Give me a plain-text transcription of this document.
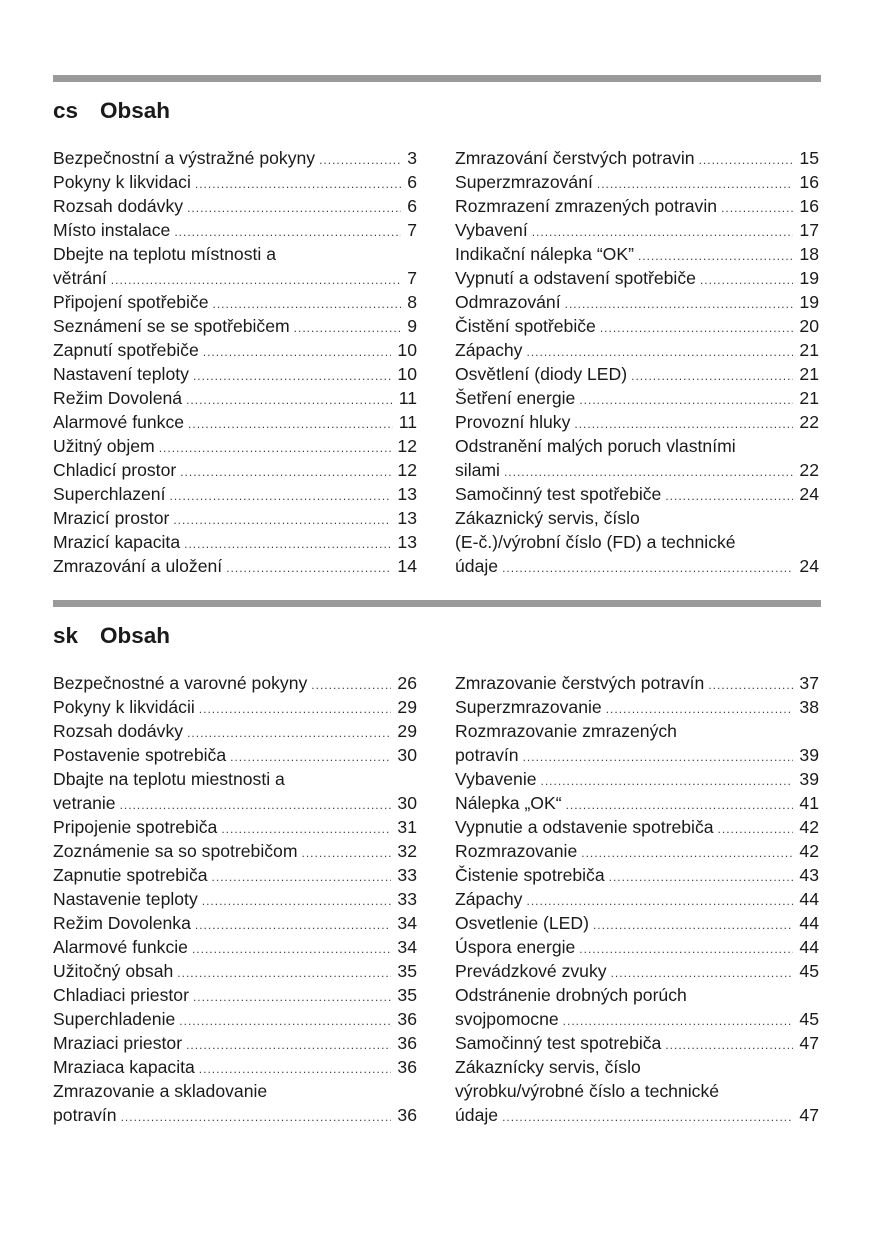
cs Obsah
Bezpečnostní a výstražné pokyny .....	3
Pokyny k likvidaci .....	6
Rozsah dodávky .....	6
Místo instalace .....	7
Dbejte na teplotu místnosti a
větrání .....	7
Připojení spotřebiče .....	8
Seznámení se se spotřebičem .....	9
Zapnutí spotřebiče .....	10
Nastavení teploty .....	10
Režim Dovolená .....	11
Alarmové funkce .....	11
Užitný objem .....	12
Chladicí prostor .....	12
Superchlazení .....	13
Mrazicí prostor .....	13
Mrazicí kapacita .....	13
Zmrazování a uložení .....	14
Zmrazování čerstvých potravin .....	15
Superzmrazování .....	16
Rozmrazení zmrazených potravin .....	16
Vybavení .....	17
Indikační nálepka “OK” .....	18
Vypnutí a odstavení spotřebiče .....	19
Odmrazování .....	19
Čistění spotřebiče .....	20
Zápachy .....	21
Osvětlení (diody LED) .....	21
Šetření energie .....	21
Provozní hluky .....	22
Odstranění malých poruch vlastními
silami .....	22
Samočinný test spotřebiče .....	24
Zákaznický servis, číslo
(E-č.)/výrobní číslo (FD) a technické
údaje .....	24
sk Obsah
Bezpečnostné a varovné pokyny .....	26
Pokyny k likvidácii .....	29
Rozsah dodávky .....	29
Postavenie spotrebiča .....	30
Dbajte na teplotu miestnosti a
vetranie .....	30
Pripojenie spotrebiča .....	31
Zoznámenie sa so spotrebičom .....	32
Zapnutie spotrebiča .....	33
Nastavenie teploty .....	33
Režim Dovolenka .....	34
Alarmové funkcie .....	34
Užitočný obsah .....	35
Chladiaci priestor .....	35
Superchladenie .....	36
Mraziaci priestor .....	36
Mraziaca kapacita .....	36
Zmrazovanie a skladovanie
potravín .....	36
Zmrazovanie čerstvých potravín .....	37
Superzmrazovanie .....	38
Rozmrazovanie zmrazených
potravín .....	39
Vybavenie .....	39
Nálepka „OK“ .....	41
Vypnutie a odstavenie spotrebiča .....	42
Rozmrazovanie .....	42
Čistenie spotrebiča .....	43
Zápachy .....	44
Osvetlenie (LED) .....	44
Úspora energie .....	44
Prevádzkové zvuky .....	45
Odstránenie drobných porúch
svojpomocne .....	45
Samočinný test spotrebiča .....	47
Zákaznícky servis, číslo
výrobku/výrobné číslo a technické
údaje .....	47
